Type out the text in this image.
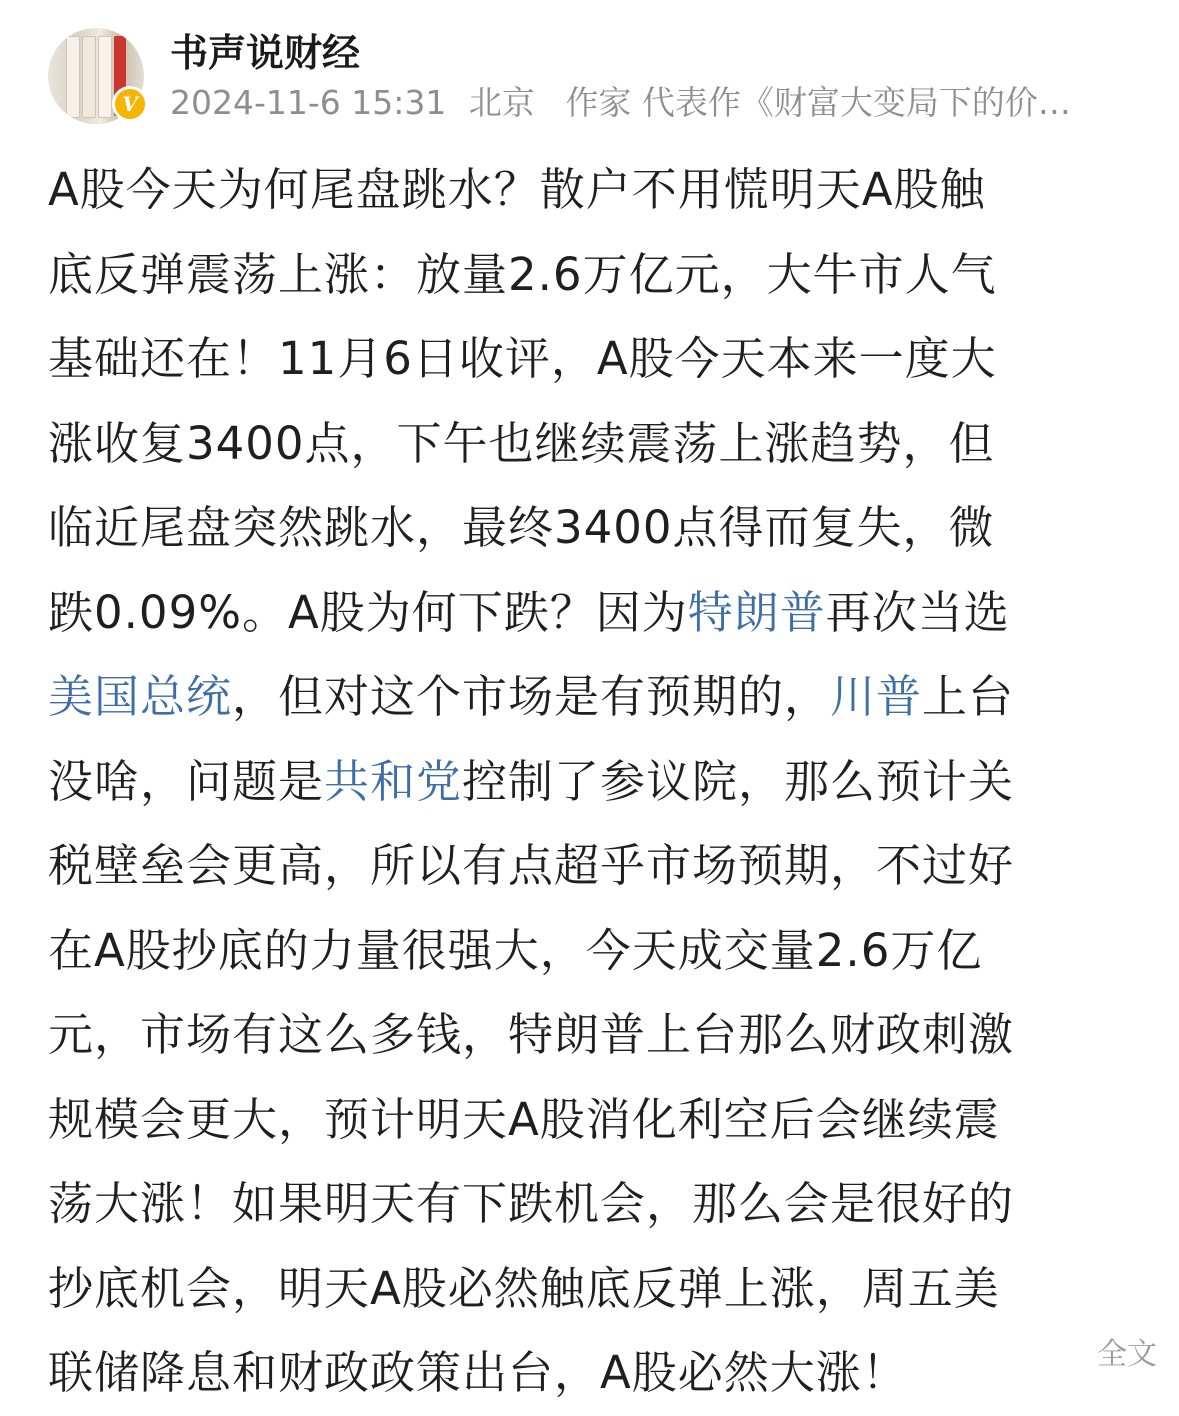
V
书声说财经
2024-11-6 15:31 北京 作家 代表作《财富大变局下的价…
A股今天为何尾盘跳水？散户不用慌明天A股触
底反弹震荡上涨：放量2.6万亿元，大牛市人气
基础还在！11月6日收评，A股今天本来一度大
涨收复3400点，下午也继续震荡上涨趋势，但
临近尾盘突然跳水，最终3400点得而复失，微
跌0.09%。A股为何下跌？因为特朗普再次当选
美国总统，但对这个市场是有预期的，川普上台
没啥，问题是共和党控制了参议院，那么预计关
税壁垒会更高，所以有点超乎市场预期，不过好
在A股抄底的力量很强大，今天成交量2.6万亿
元，市场有这么多钱，特朗普上台那么财政刺激
规模会更大，预计明天A股消化利空后会继续震
荡大涨！如果明天有下跌机会，那么会是很好的
抄底机会，明天A股必然触底反弹上涨，周五美
联储降息和财政政策出台，A股必然大涨！	全文
